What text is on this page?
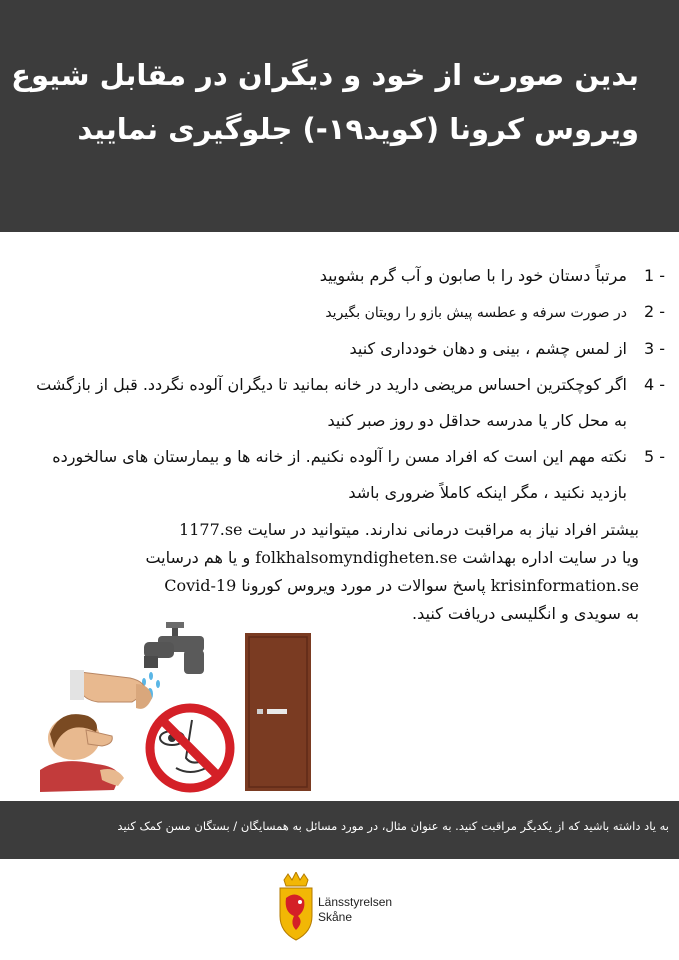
بدین صورت از خود و دیگران در مقابل شیوع
ویروس کرونا (کوید۱۹-) جلوگیری نمایید
1 -
مرتباً دستان خود را با صابون و آب گرم بشویید
2 -
در صورت سرفه و عطسه پیش بازو را رویتان بگیرید
3 -
از لمس چشم ، بینی و دهان خودداری کنید
4 -
اگر کوچکترین احساس مریضی دارید در خانه بمانید تا دیگران آلوده نگردد. قبل از بازگشت به محل کار یا مدرسه حداقل دو روز صبر کنید
5 -
نکته مهم این است که افراد مسن را آلوده نکنیم. از خانه ها و بیمارستان های سالخورده بازدید نکنید ، مگر اینکه کاملاً ضروری باشد
بیشتر افراد نیاز به مراقبت درمانی ندارند. میتوانید در سایت 1177.se
ویا در سایت اداره بهداشت folkhalsomyndigheten.se و یا هم درسایت
krisinformation.se پاسخ سوالات در مورد ویروس کورونا Covid-19
به سویدی و انگلیسی دریافت کنید.
به یاد داشته باشید که از یکدیگر مراقبت کنید. به عنوان مثال، در مورد مسائل به همسایگان / بستگان مسن کمک کنید
Länsstyrelsen
Skåne
